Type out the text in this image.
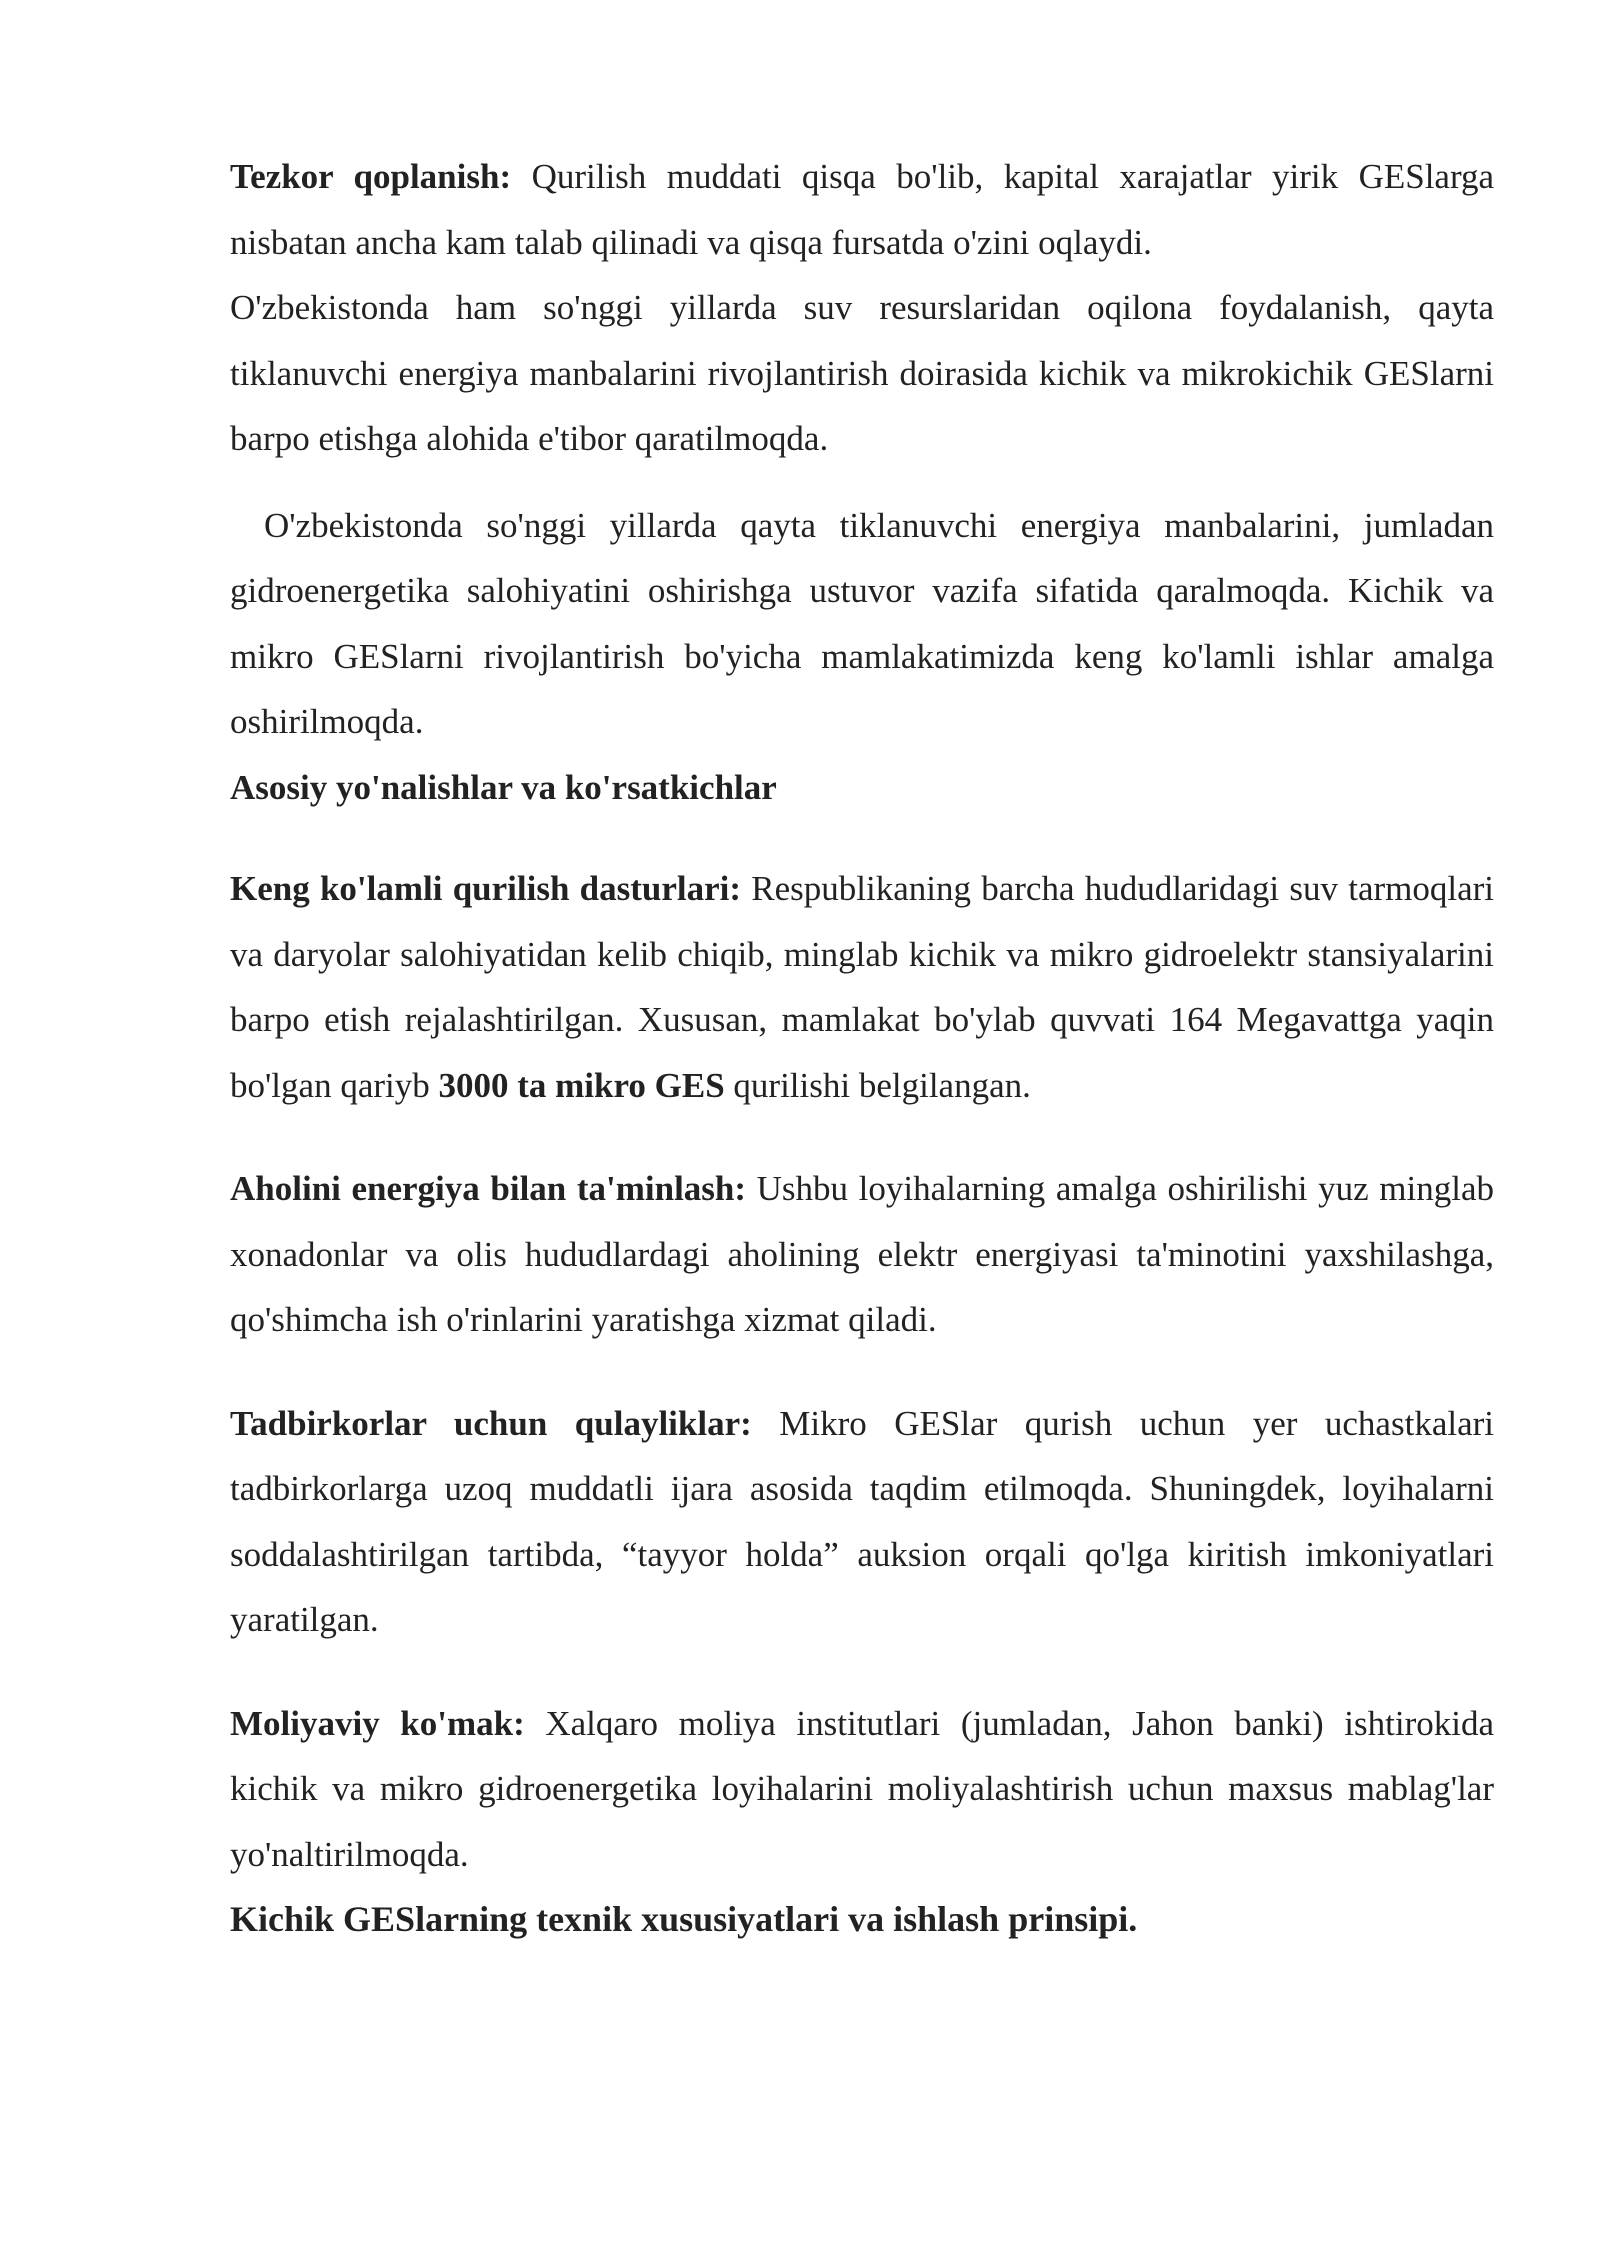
Tezkor qoplanish: Qurilish muddati qisqa bo'lib, kapital xarajatlar yirik GESlarga nisbatan ancha kam talab qilinadi va qisqa fursatda o'zini oqlaydi.

O'zbekistonda ham so'nggi yillarda suv resurslaridan oqilona foydalanish, qayta tiklanuvchi energiya manbalarini rivojlantirish doirasida kichik va mikrokichik GESlarni barpo etishga alohida e'tibor qaratilmoqda.

O'zbekistonda so'nggi yillarda qayta tiklanuvchi energiya manbalarini, jumladan gidroenergetika salohiyatini oshirishga ustuvor vazifa sifatida qaralmoqda. Kichik va mikro GESlarni rivojlantirish bo'yicha mamlakatimizda keng ko'lamli ishlar amalga oshirilmoqda.

Asosiy yo'nalishlar va ko'rsatkichlar

Keng ko'lamli qurilish dasturlari: Respublikaning barcha hududlaridagi suv tarmoqlari va daryolar salohiyatidan kelib chiqib, minglab kichik va mikro gidroelektr stansiyalarini barpo etish rejalashtirilgan. Xususan, mamlakat bo'ylab quvvati 164 Megavattga yaqin bo'lgan qariyb 3000 ta mikro GES qurilishi belgilangan.

Aholini energiya bilan ta'minlash: Ushbu loyihalarning amalga oshirilishi yuz minglab xonadonlar va olis hududlardagi aholining elektr energiyasi ta'minotini yaxshilashga, qo'shimcha ish o'rinlarini yaratishga xizmat qiladi.

Tadbirkorlar uchun qulayliklar: Mikro GESlar qurish uchun yer uchastkalari tadbirkorlarga uzoq muddatli ijara asosida taqdim etilmoqda. Shuningdek, loyihalarni soddalashtirilgan tartibda, “tayyor holda” auksion orqali qo'lga kiritish imkoniyatlari yaratilgan.

Moliyaviy ko'mak: Xalqaro moliya institutlari (jumladan, Jahon banki) ishtirokida kichik va mikro gidroenergetika loyihalarini moliyalashtirish uchun maxsus mablag'lar yo'naltirilmoqda.

Kichik GESlarning texnik xususiyatlari va ishlash prinsipi.
